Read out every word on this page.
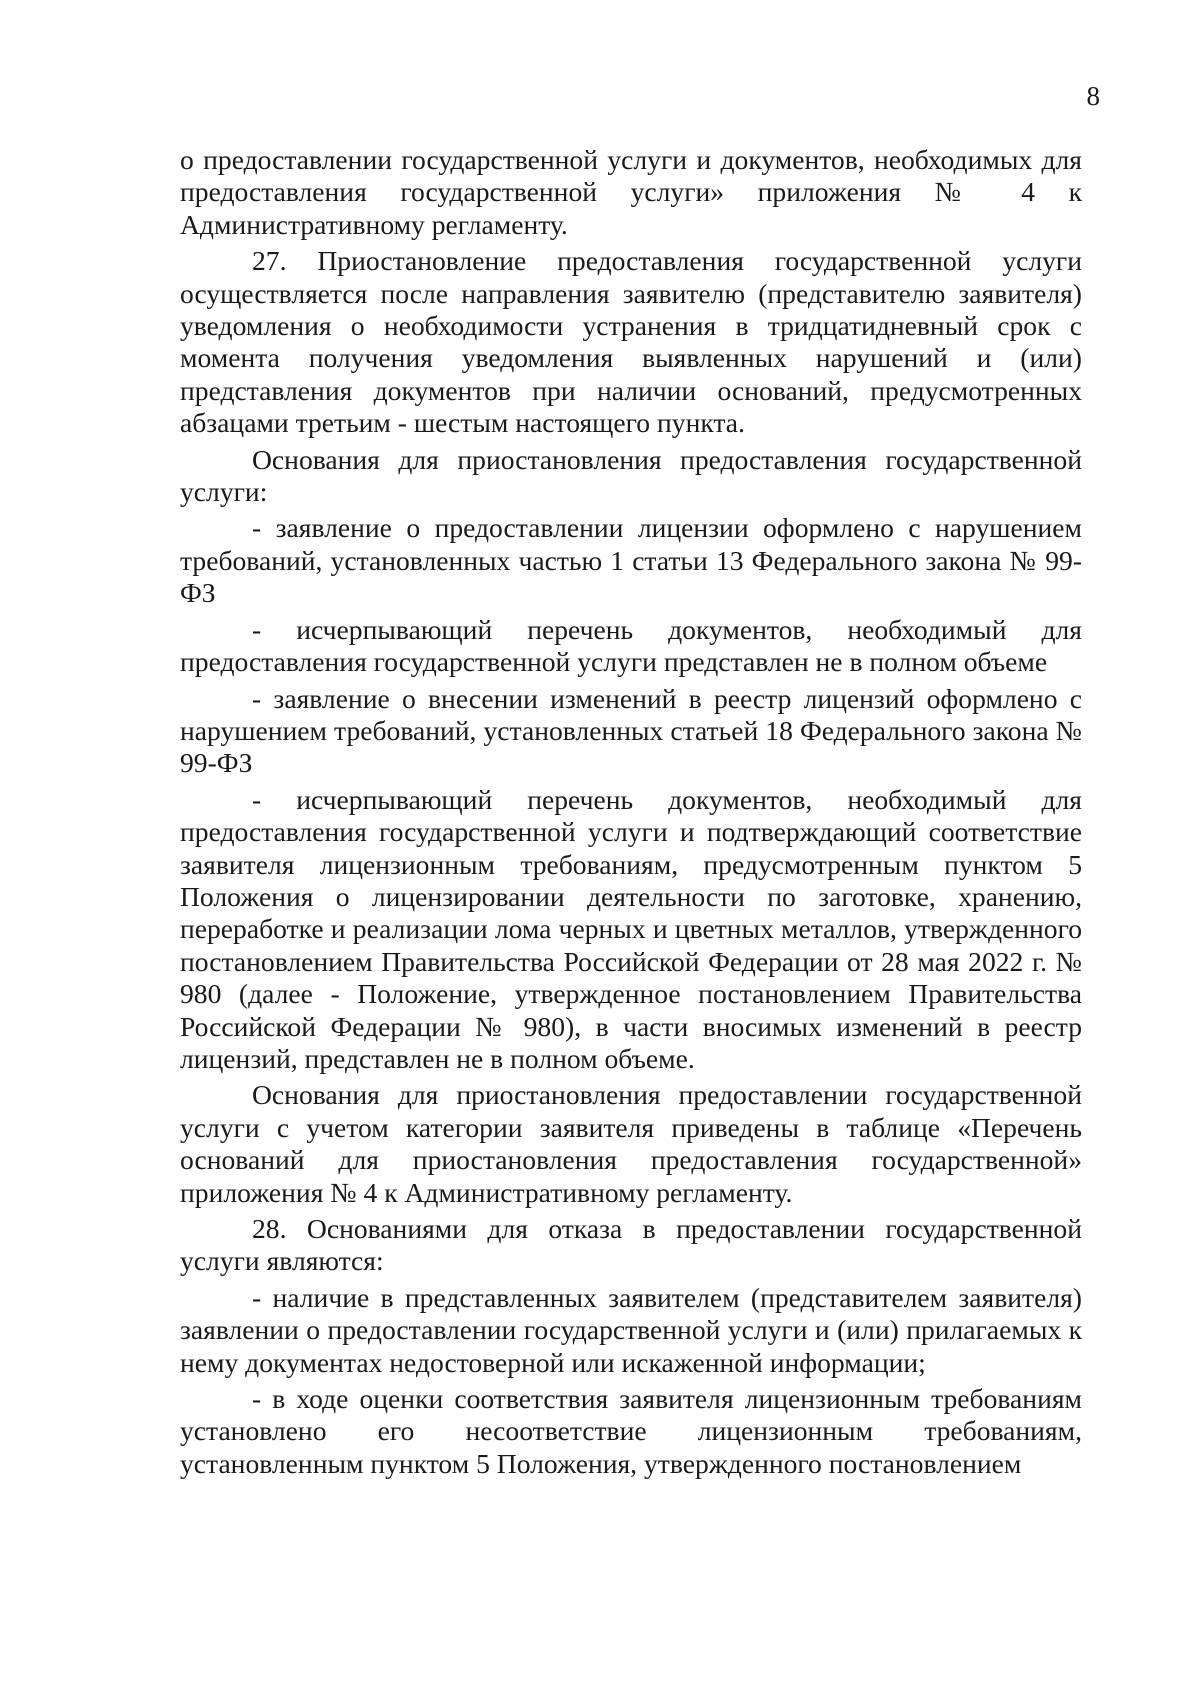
8

о предоставлении государственной услуги и документов, необходимых для предоставления государственной услуги» приложения № 4 к Административному регламенту.

27. Приостановление предоставления государственной услуги осуществляется после направления заявителю (представителю заявителя) уведомления о необходимости устранения в тридцатидневный срок с момента получения уведомления выявленных нарушений и (или) представления документов при наличии оснований, предусмотренных абзацами третьим - шестым настоящего пункта.

Основания для приостановления предоставления государственной услуги:

- заявление о предоставлении лицензии оформлено с нарушением требований, установленных частью 1 статьи 13 Федерального закона № 99-ФЗ

- исчерпывающий перечень документов, необходимый для предоставления государственной услуги представлен не в полном объеме

- заявление о внесении изменений в реестр лицензий оформлено с нарушением требований, установленных статьей 18 Федерального закона № 99-ФЗ

- исчерпывающий перечень документов, необходимый для предоставления государственной услуги и подтверждающий соответствие заявителя лицензионным требованиям, предусмотренным пунктом 5 Положения о лицензировании деятельности по заготовке, хранению, переработке и реализации лома черных и цветных металлов, утвержденного постановлением Правительства Российской Федерации от 28 мая 2022 г. № 980 (далее - Положение, утвержденное постановлением Правительства Российской Федерации № 980), в части вносимых изменений в реестр лицензий, представлен не в полном объеме.

Основания для приостановления предоставлении государственной услуги с учетом категории заявителя приведены в таблице «Перечень оснований для приостановления предоставления государственной» приложения № 4 к Административному регламенту.

28. Основаниями для отказа в предоставлении государственной услуги являются:

- наличие в представленных заявителем (представителем заявителя) заявлении о предоставлении государственной услуги и (или) прилагаемых к нему документах недостоверной или искаженной информации;

- в ходе оценки соответствия заявителя лицензионным требованиям установлено его несоответствие лицензионным требованиям, установленным пунктом 5 Положения, утвержденного постановлением
